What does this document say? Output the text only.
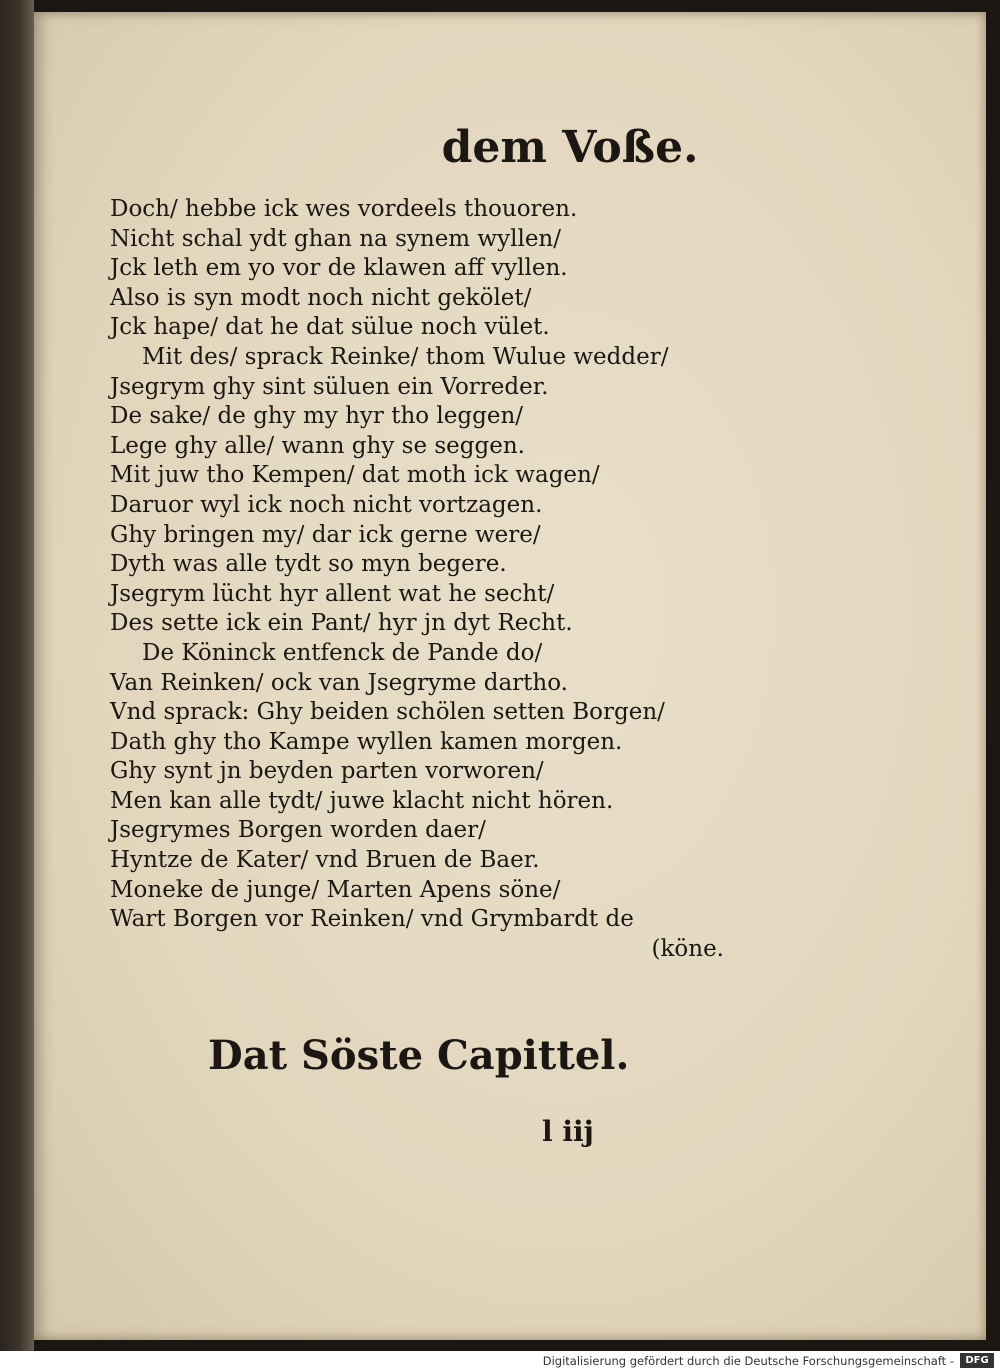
dem Voße.
Doch/ hebbe ick wes vordeels thouoren.
Nicht schal ydt ghan na synem wyllen/
Jck leth em yo vor de klawen aff vyllen.
Also is syn modt noch nicht gekölet/
Jck hape/ dat he dat sülue noch vület.
Mit des/ sprack Reinke/ thom Wulue wedder/
Jsegrym ghy sint süluen ein Vorreder.
De sake/ de ghy my hyr tho leggen/
Lege ghy alle/ wann ghy se seggen.
Mit juw tho Kempen/ dat moth ick wagen/
Daruor wyl ick noch nicht vortzagen.
Ghy bringen my/ dar ick gerne were/
Dyth was alle tydt so myn begere.
Jsegrym lücht hyr allent wat he secht/
Des sette ick ein Pant/ hyr jn dyt Recht.
De Köninck entfenck de Pande do/
Van Reinken/ ock van Jsegryme dartho.
Vnd sprack: Ghy beiden schölen setten Borgen/
Dath ghy tho Kampe wyllen kamen morgen.
Ghy synt jn beyden parten vorworen/
Men kan alle tydt/ juwe klacht nicht hören.
Jsegrymes Borgen worden daer/
Hyntze de Kater/ vnd Bruen de Baer.
Moneke de junge/ Marten Apens söne/
Wart Borgen vor Reinken/ vnd Grymbardt de
(köne.
Dat Söste Capittel.
l iij
Digitalisierung gefördert durch die Deutsche Forschungsgemeinschaft -	DFG
